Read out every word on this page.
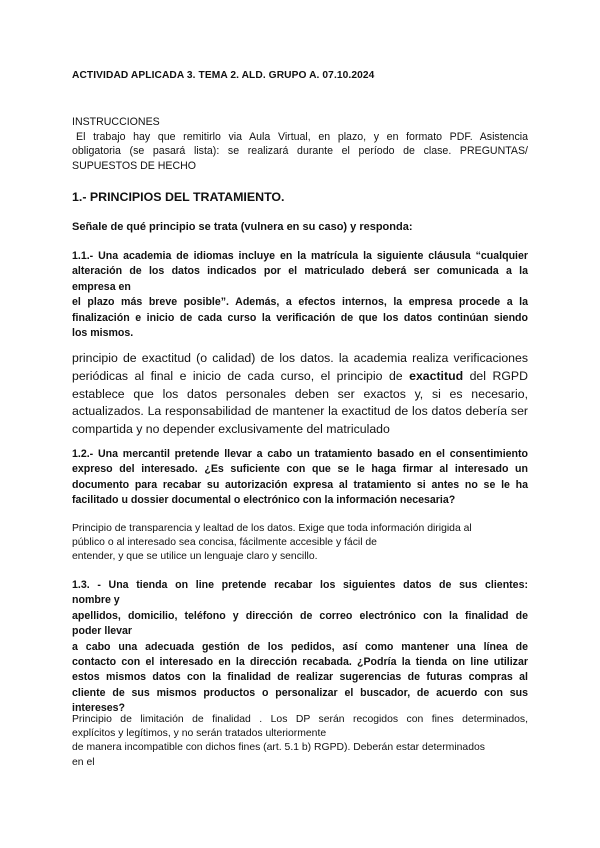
ACTIVIDAD APLICADA 3. TEMA 2. ALD. GRUPO A. 07.10.2024
INSTRUCCIONES
El trabajo hay que remitirlo via Aula Virtual, en plazo, y en formato PDF. Asistencia
obligatoria (se pasará lista): se realizará durante el período de clase. PREGUNTAS/
SUPUESTOS DE HECHO
1.- PRINCIPIOS DEL TRATAMIENTO.
Señale de qué principio se trata (vulnera en su caso) y responda:
1.1.- Una academia de idiomas incluye en la matrícula la siguiente cláusula “cualquier
alteración de los datos indicados por el matriculado deberá ser comunicada a la
empresa en
el plazo más breve posible”. Además, a efectos internos, la empresa procede a la
finalización e inicio de cada curso la verificación de que los datos continúan siendo
los mismos.
principio de exactitud (o calidad) de los datos. la academia realiza verificaciones
periódicas al final e inicio de cada curso, el principio de exactitud del RGPD
establece que los datos personales deben ser exactos y, si es necesario,
actualizados. La responsabilidad de mantener la exactitud de los datos debería ser
compartida y no depender exclusivamente del matriculado
1.2.- Una mercantil pretende llevar a cabo un tratamiento basado en el consentimiento
expreso del interesado. ¿Es suficiente con que se le haga firmar al interesado un
documento para recabar su autorización expresa al tratamiento si antes no se le ha
facilitado u dossier documental o electrónico con la información necesaria?
Principio de transparencia y lealtad de los datos. Exige que toda información dirigida al
público o al interesado sea concisa, fácilmente accesible y fácil de
entender, y que se utilice un lenguaje claro y sencillo.
1.3. - Una tienda on line pretende recabar los siguientes datos de sus clientes:
nombre y
apellidos, domicilio, teléfono y dirección de correo electrónico con la finalidad de
poder llevar
a cabo una adecuada gestión de los pedidos, así como mantener una línea de
contacto con el interesado en la dirección recabada. ¿Podría la tienda on line utilizar
estos mismos datos con la finalidad de realizar sugerencias de futuras compras al
cliente de sus mismos productos o personalizar el buscador, de acuerdo con sus
intereses?
Principio de limitación de finalidad . Los DP serán recogidos con fines determinados,
explícitos y legítimos, y no serán tratados ulteriormente
de manera incompatible con dichos fines (art. 5.1 b) RGPD). Deberán estar determinados
en el
